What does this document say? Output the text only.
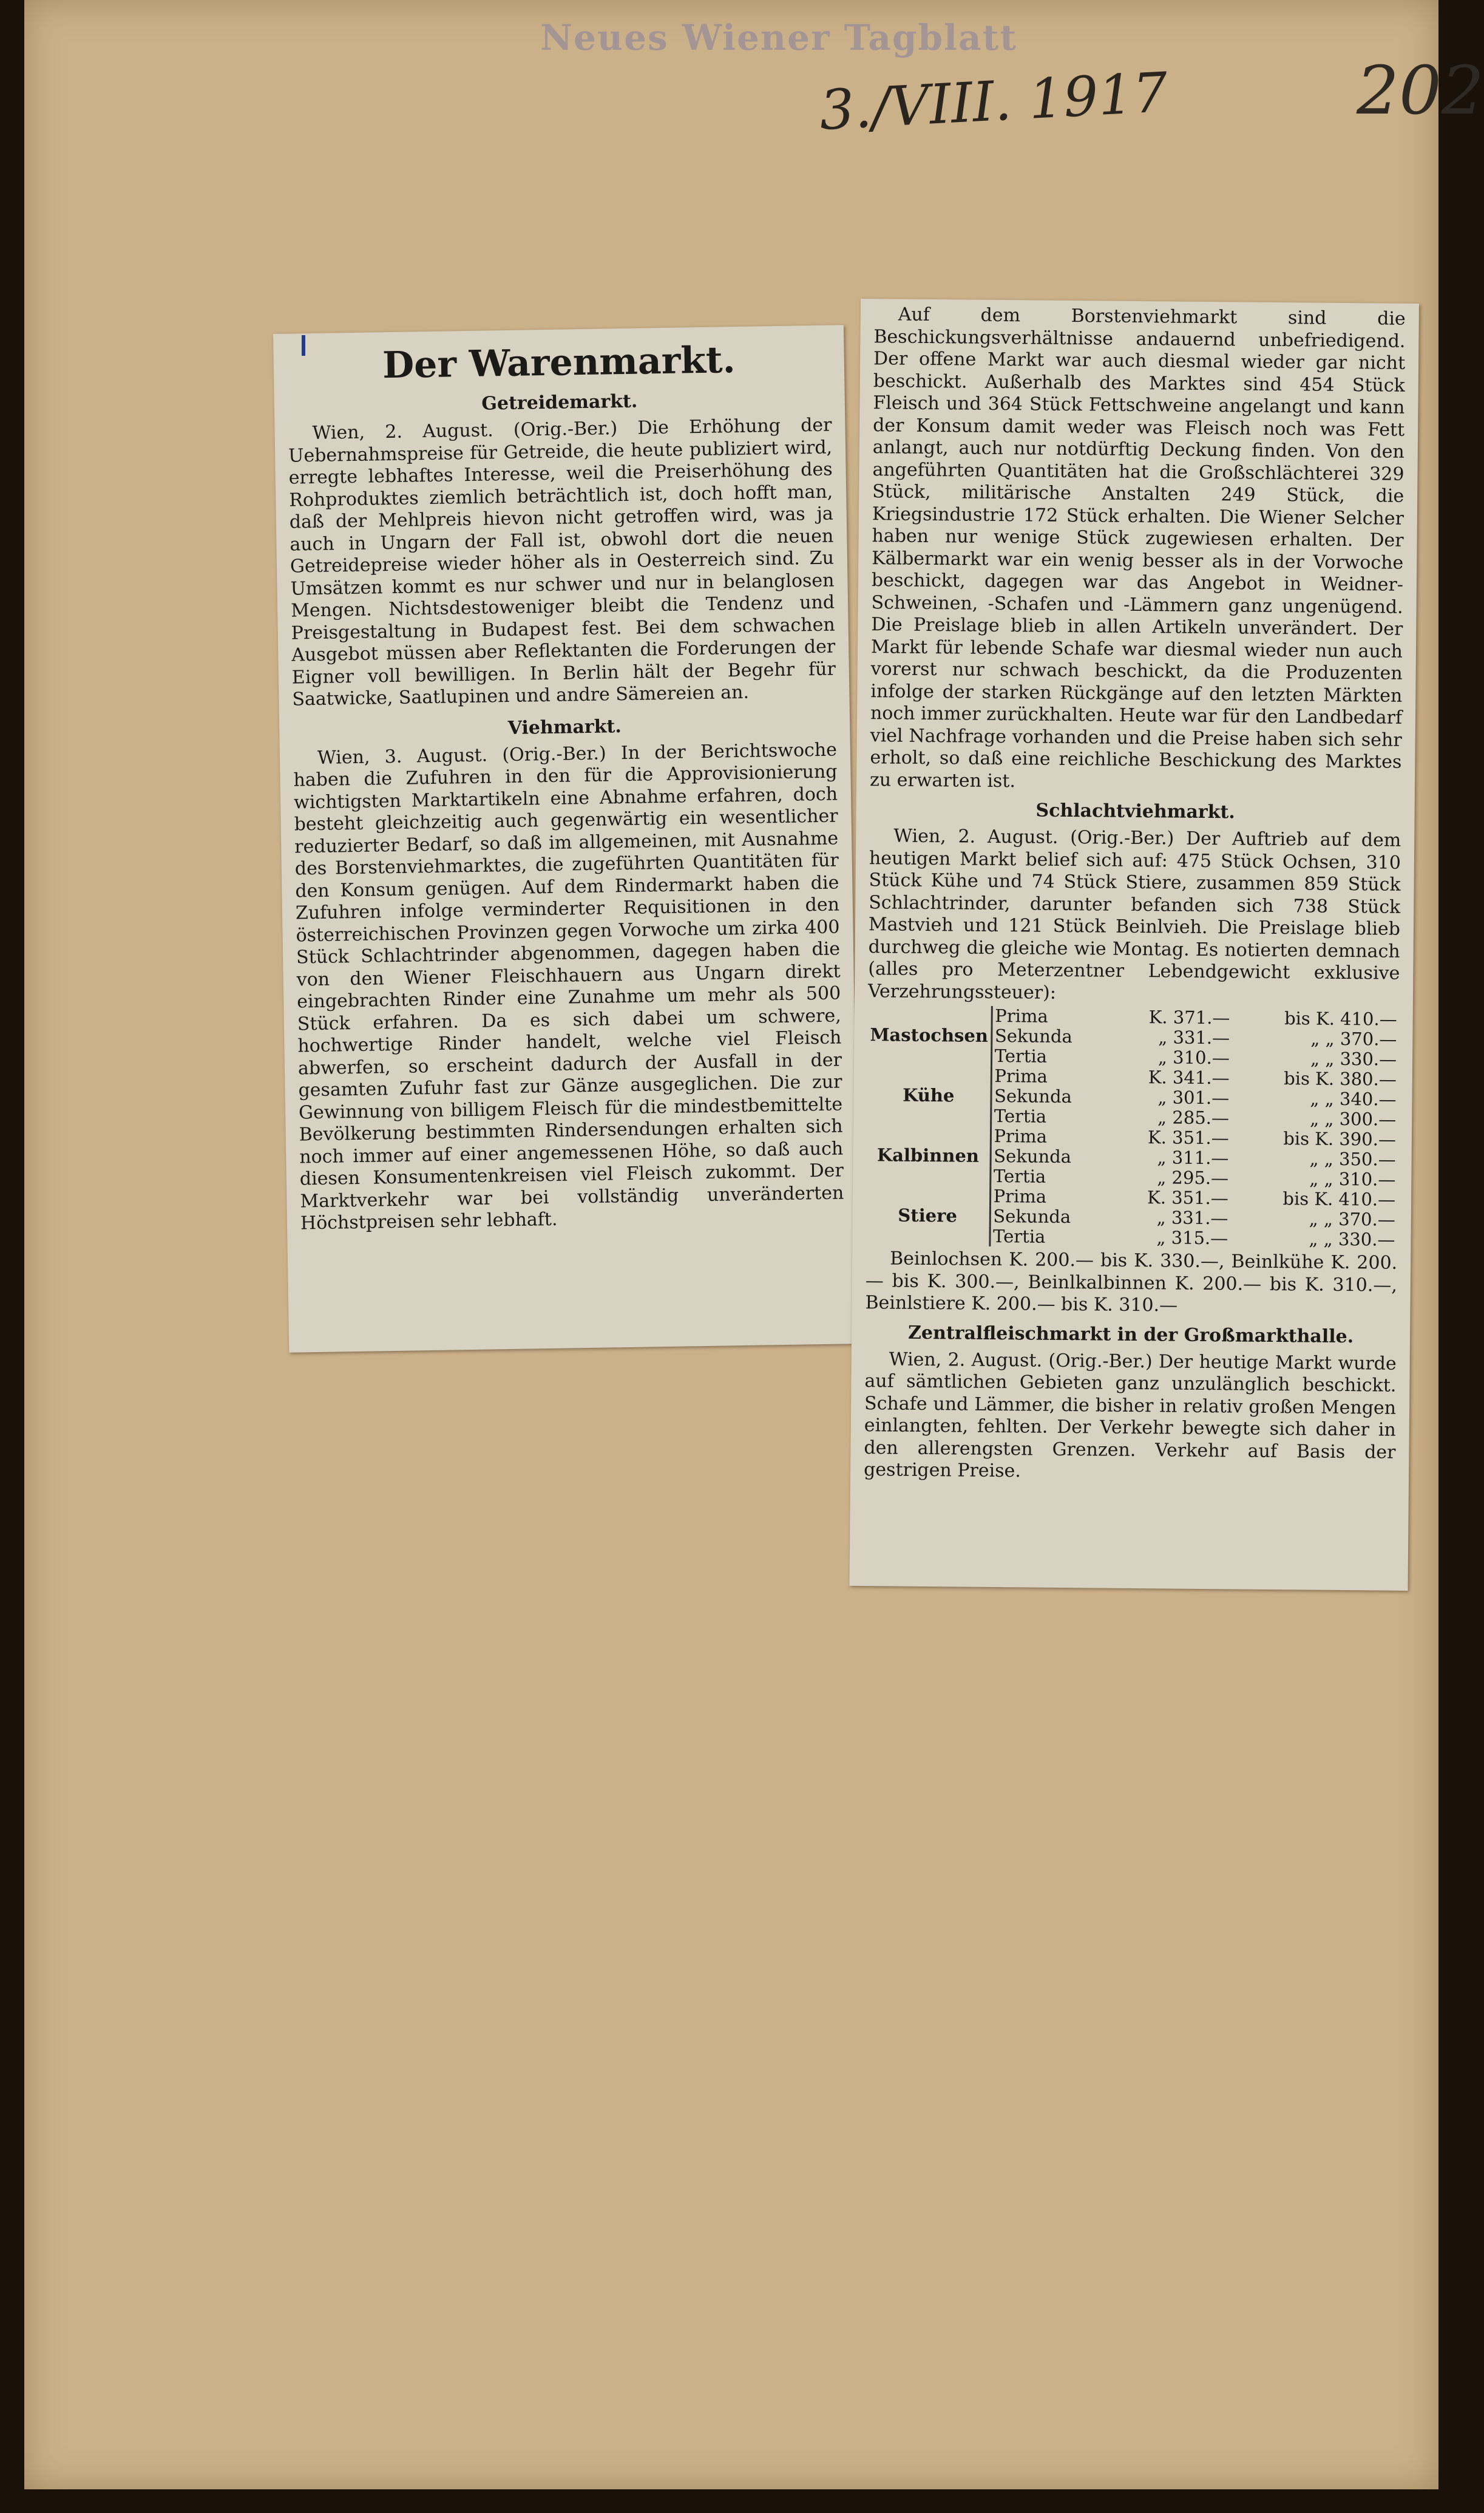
Neues Wiener Tagblatt
3./VIII. 1917	202
Der Warenmarkt.
Getreidemarkt.

Wien, 2. August. (Orig.-Ber.) Die Erhöhung der Uebernahmspreise für Getreide, die heute publiziert wird, erregte lebhaftes Interesse, weil die Preiserhöhung des Rohproduktes ziemlich beträchtlich ist, doch hofft man, daß der Mehlpreis hievon nicht getroffen wird, was ja auch in Ungarn der Fall ist, obwohl dort die neuen Getreidepreise wieder höher als in Oesterreich sind. Zu Umsätzen kommt es nur schwer und nur in belanglosen Mengen. Nichtsdestoweniger bleibt die Tendenz und Preisgestaltung in Budapest fest. Bei dem schwachen Ausgebot müssen aber Reflektanten die Forderungen der Eigner voll bewilligen. In Berlin hält der Begehr für Saatwicke, Saatlupinen und andre Sämereien an.

Viehmarkt.

Wien, 3. August. (Orig.-Ber.) In der Berichtswoche haben die Zufuhren in den für die Approvisionierung wichtigsten Marktartikeln eine Abnahme erfahren, doch besteht gleichzeitig auch gegenwärtig ein wesentlicher reduzierter Bedarf, so daß im allgemeinen, mit Ausnahme des Borstenviehmarktes, die zugeführten Quantitäten für den Konsum genügen. Auf dem Rindermarkt haben die Zufuhren infolge verminderter Requisitionen in den österreichischen Provinzen gegen Vorwoche um zirka 400 Stück Schlachtrinder abgenommen, dagegen haben die von den Wiener Fleischhauern aus Ungarn direkt eingebrachten Rinder eine Zunahme um mehr als 500 Stück erfahren. Da es sich dabei um schwere, hochwertige Rinder handelt, welche viel Fleisch abwerfen, so erscheint dadurch der Ausfall in der gesamten Zufuhr fast zur Gänze ausgeglichen. Die zur Gewinnung von billigem Fleisch für die mindestbemittelte Bevölkerung bestimmten Rindersendungen erhalten sich noch immer auf einer angemessenen Höhe, so daß auch diesen Konsumentenkreisen viel Fleisch zukommt. Der Marktverkehr war bei vollständig unveränderten Höchstpreisen sehr lebhaft.

Auf dem Borstenviehmarkt sind die Beschickungsverhältnisse andauernd unbefriedigend. Der offene Markt war auch diesmal wieder gar nicht beschickt. Außerhalb des Marktes sind 454 Stück Fleisch und 364 Stück Fettschweine angelangt und kann der Konsum damit weder was Fleisch noch was Fett anlangt, auch nur notdürftig Deckung finden. Von den angeführten Quantitäten hat die Großschlächterei 329 Stück, militärische Anstalten 249 Stück, die Kriegsindustrie 172 Stück erhalten. Die Wiener Selcher haben nur wenige Stück zugewiesen erhalten. Der Kälbermarkt war ein wenig besser als in der Vorwoche beschickt, dagegen war das Angebot in Weidner-Schweinen, -Schafen und -Lämmern ganz ungenügend. Die Preislage blieb in allen Artikeln unverändert. Der Markt für lebende Schafe war diesmal wieder nun auch vorerst nur schwach beschickt, da die Produzenten infolge der starken Rückgänge auf den letzten Märkten noch immer zurückhalten. Heute war für den Landbedarf viel Nachfrage vorhanden und die Preise haben sich sehr erholt, so daß eine reichliche Beschickung des Marktes zu erwarten ist.

Schlachtviehmarkt.

Wien, 2. August. (Orig.-Ber.) Der Auftrieb auf dem heutigen Markt belief sich auf: 475 Stück Ochsen, 310 Stück Kühe und 74 Stück Stiere, zusammen 859 Stück Schlachtrinder, darunter befanden sich 738 Stück Mastvieh und 121 Stück Beinlvieh. Die Preislage blieb durchweg die gleiche wie Montag. Es notierten demnach (alles pro Meterzentner Lebendgewicht exklusive Verzehrungssteuer):

Mastochsen	Prima	K. 371.—	bis K. 410.—
	Sekunda	„ 331.—	„ „ 370.—
	Tertia	„ 310.—	„ „ 330.—
Kühe	Prima	K. 341.—	bis K. 380.—
	Sekunda	„ 301.—	„ „ 340.—
	Tertia	„ 285.—	„ „ 300.—
Kalbinnen	Prima	K. 351.—	bis K. 390.—
	Sekunda	„ 311.—	„ „ 350.—
	Tertia	„ 295.—	„ „ 310.—
Stiere	Prima	K. 351.—	bis K. 410.—
	Sekunda	„ 331.—	„ „ 370.—
	Tertia	„ 315.—	„ „ 330.—

Beinlochsen K. 200.— bis K. 330.—, Beinlkühe K. 200.— bis K. 300.—, Beinlkalbinnen K. 200.— bis K. 310.—, Beinlstiere K. 200.— bis K. 310.—

Zentralfleischmarkt in der Großmarkthalle.

Wien, 2. August. (Orig.-Ber.) Der heutige Markt wurde auf sämtlichen Gebieten ganz unzulänglich beschickt. Schafe und Lämmer, die bisher in relativ großen Mengen einlangten, fehlten. Der Verkehr bewegte sich daher in den allerengsten Grenzen. Verkehr auf Basis der gestrigen Preise.
